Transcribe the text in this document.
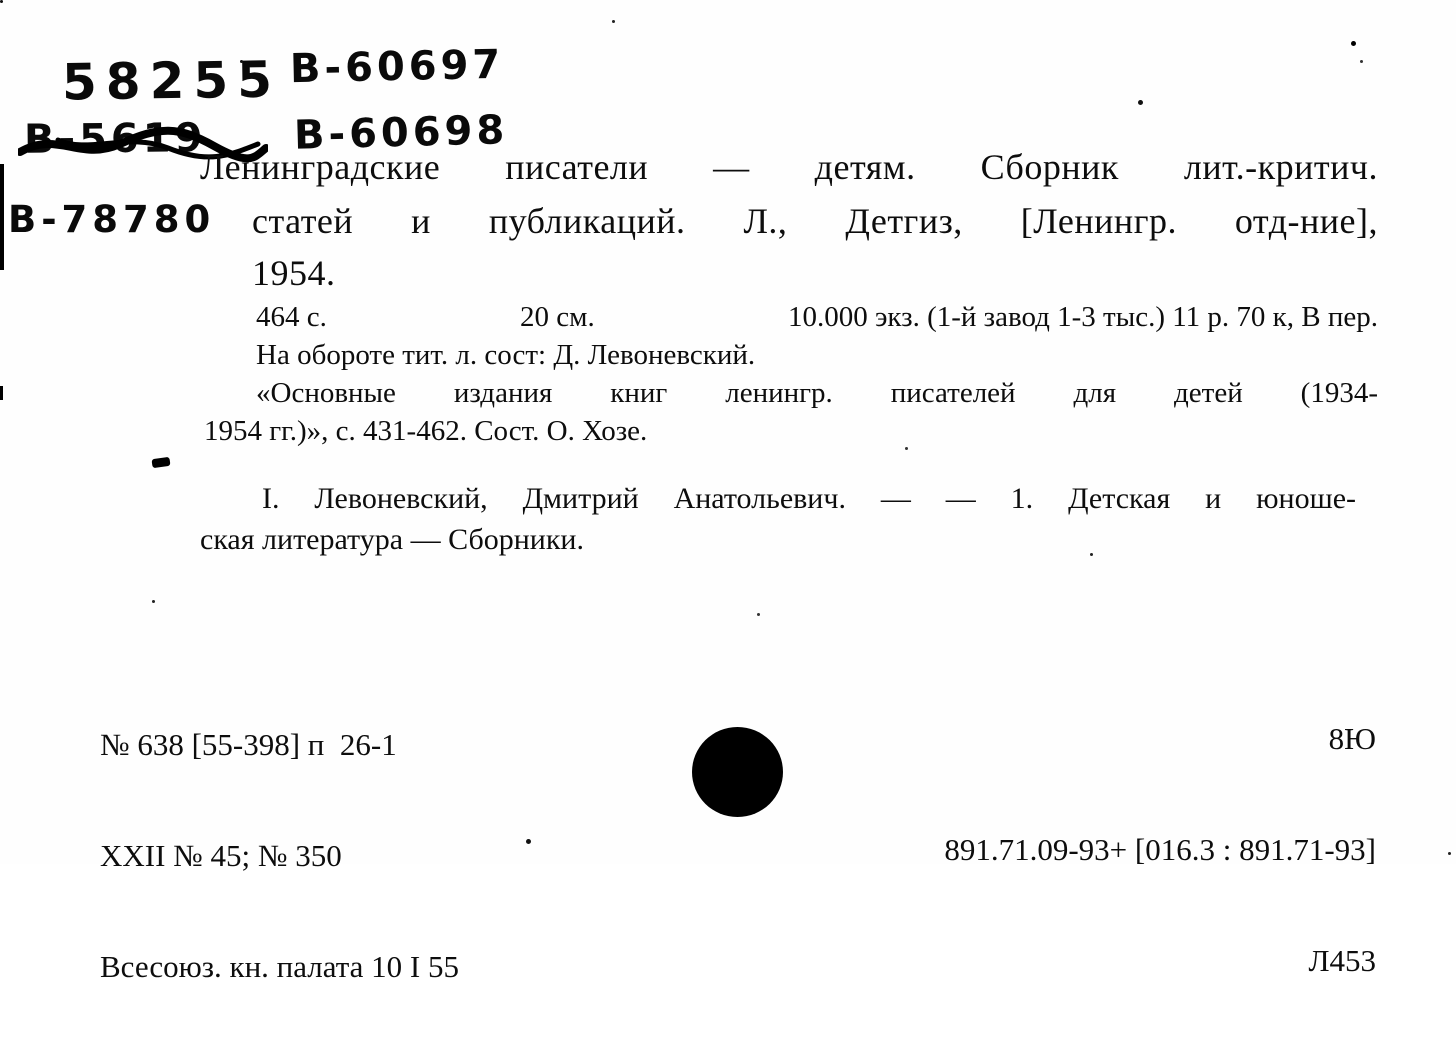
58255 В-60697
В-60698
В-5619
В-78780
Ленинградские писатели — детям. Сборник лит.-критич.
статей и публикаций. Л., Детгиз, [Ленингр. отд-ние],
1954.
464 с.	20 см.	10.000 экз. (1-й завод 1-3 тыс.) 11 р. 70 к, В пер.
На обороте тит. л. сост: Д. Левоневский.
«Основные издания книг ленингр. писателей для детей (1934-
1954 гг.)», с. 431-462. Сост. О. Хозе.
I. Левоневский, Дмитрий Анатольевич. — — 1. Детская и юноше-
ская литература — Сборники.

№ 638 [55-398] п  26-1

XXII № 45; № 350

Всесоюз. кн. палата 10 I 55

8Ю

891.71.09-93+ [016.3 : 891.71-93]

Л453
